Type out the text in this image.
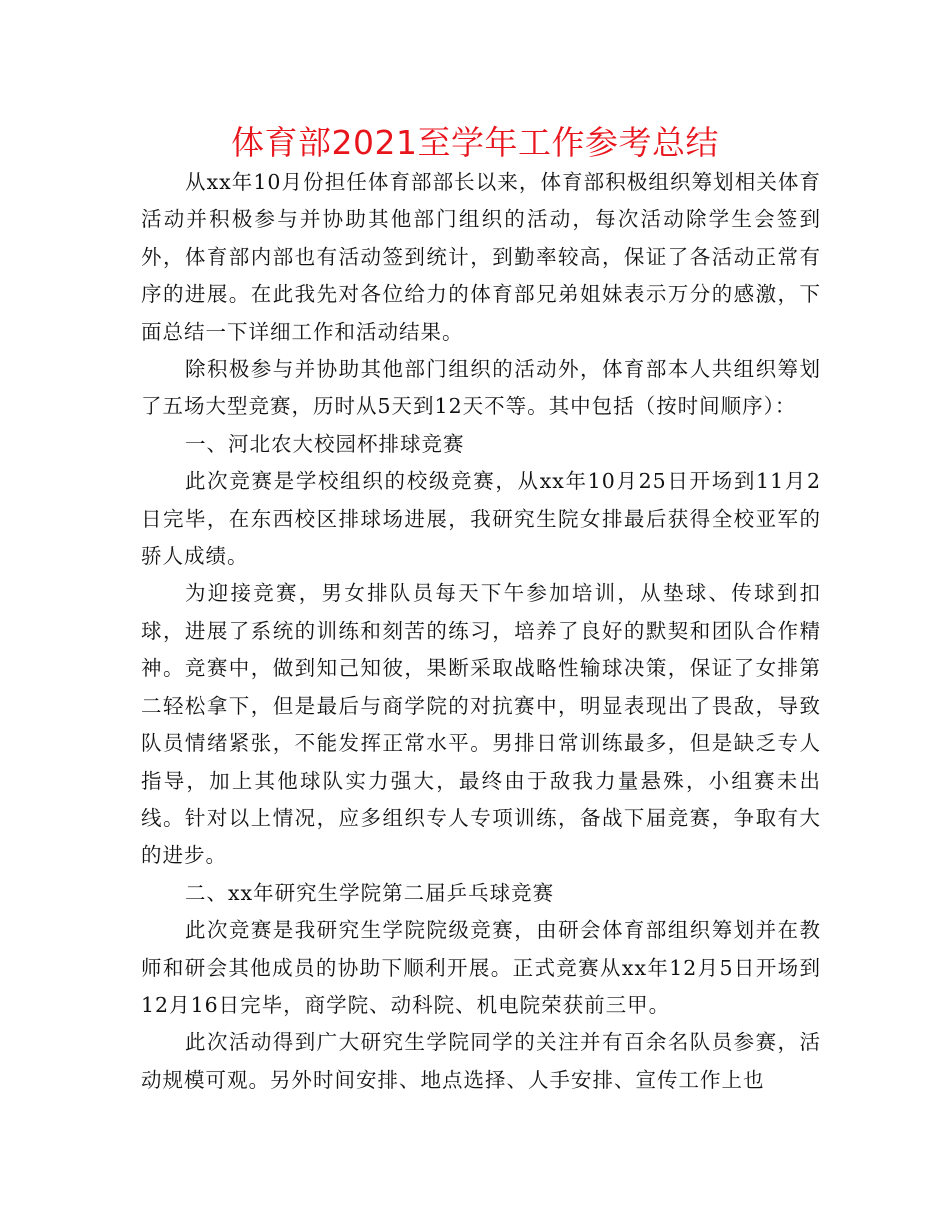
体育部2021至学年工作参考总结

从xx年10月份担任体育部部长以来，体育部积极组织筹划相关体育活动并积极参与并协助其他部门组织的活动，每次活动除学生会签到外，体育部内部也有活动签到统计，到勤率较高，保证了各活动正常有序的进展。在此我先对各位给力的体育部兄弟姐妹表示万分的感激，下面总结一下详细工作和活动结果。

除积极参与并协助其他部门组织的活动外，体育部本人共组织筹划了五场大型竞赛，历时从5天到12天不等。其中包括（按时间顺序）：

一、河北农大校园杯排球竞赛

此次竞赛是学校组织的校级竞赛，从xx年10月25日开场到11月2日完毕，在东西校区排球场进展，我研究生院女排最后获得全校亚军的骄人成绩。

为迎接竞赛，男女排队员每天下午参加培训，从垫球、传球到扣球，进展了系统的训练和刻苦的练习，培养了良好的默契和团队合作精神。竞赛中，做到知己知彼，果断采取战略性输球决策，保证了女排第二轻松拿下，但是最后与商学院的对抗赛中，明显表现出了畏敌，导致队员情绪紧张，不能发挥正常水平。男排日常训练最多，但是缺乏专人指导，加上其他球队实力强大，最终由于敌我力量悬殊，小组赛未出线。针对以上情况，应多组织专人专项训练，备战下届竞赛，争取有大的进步。

二、xx年研究生学院第二届乒乓球竞赛

此次竞赛是我研究生学院院级竞赛，由研会体育部组织筹划并在教师和研会其他成员的协助下顺利开展。正式竞赛从xx年12月5日开场到12月16日完毕，商学院、动科院、机电院荣获前三甲。

此次活动得到广大研究生学院同学的关注并有百余名队员参赛，活动规模可观。另外时间安排、地点选择、人手安排、宣传工作上也
